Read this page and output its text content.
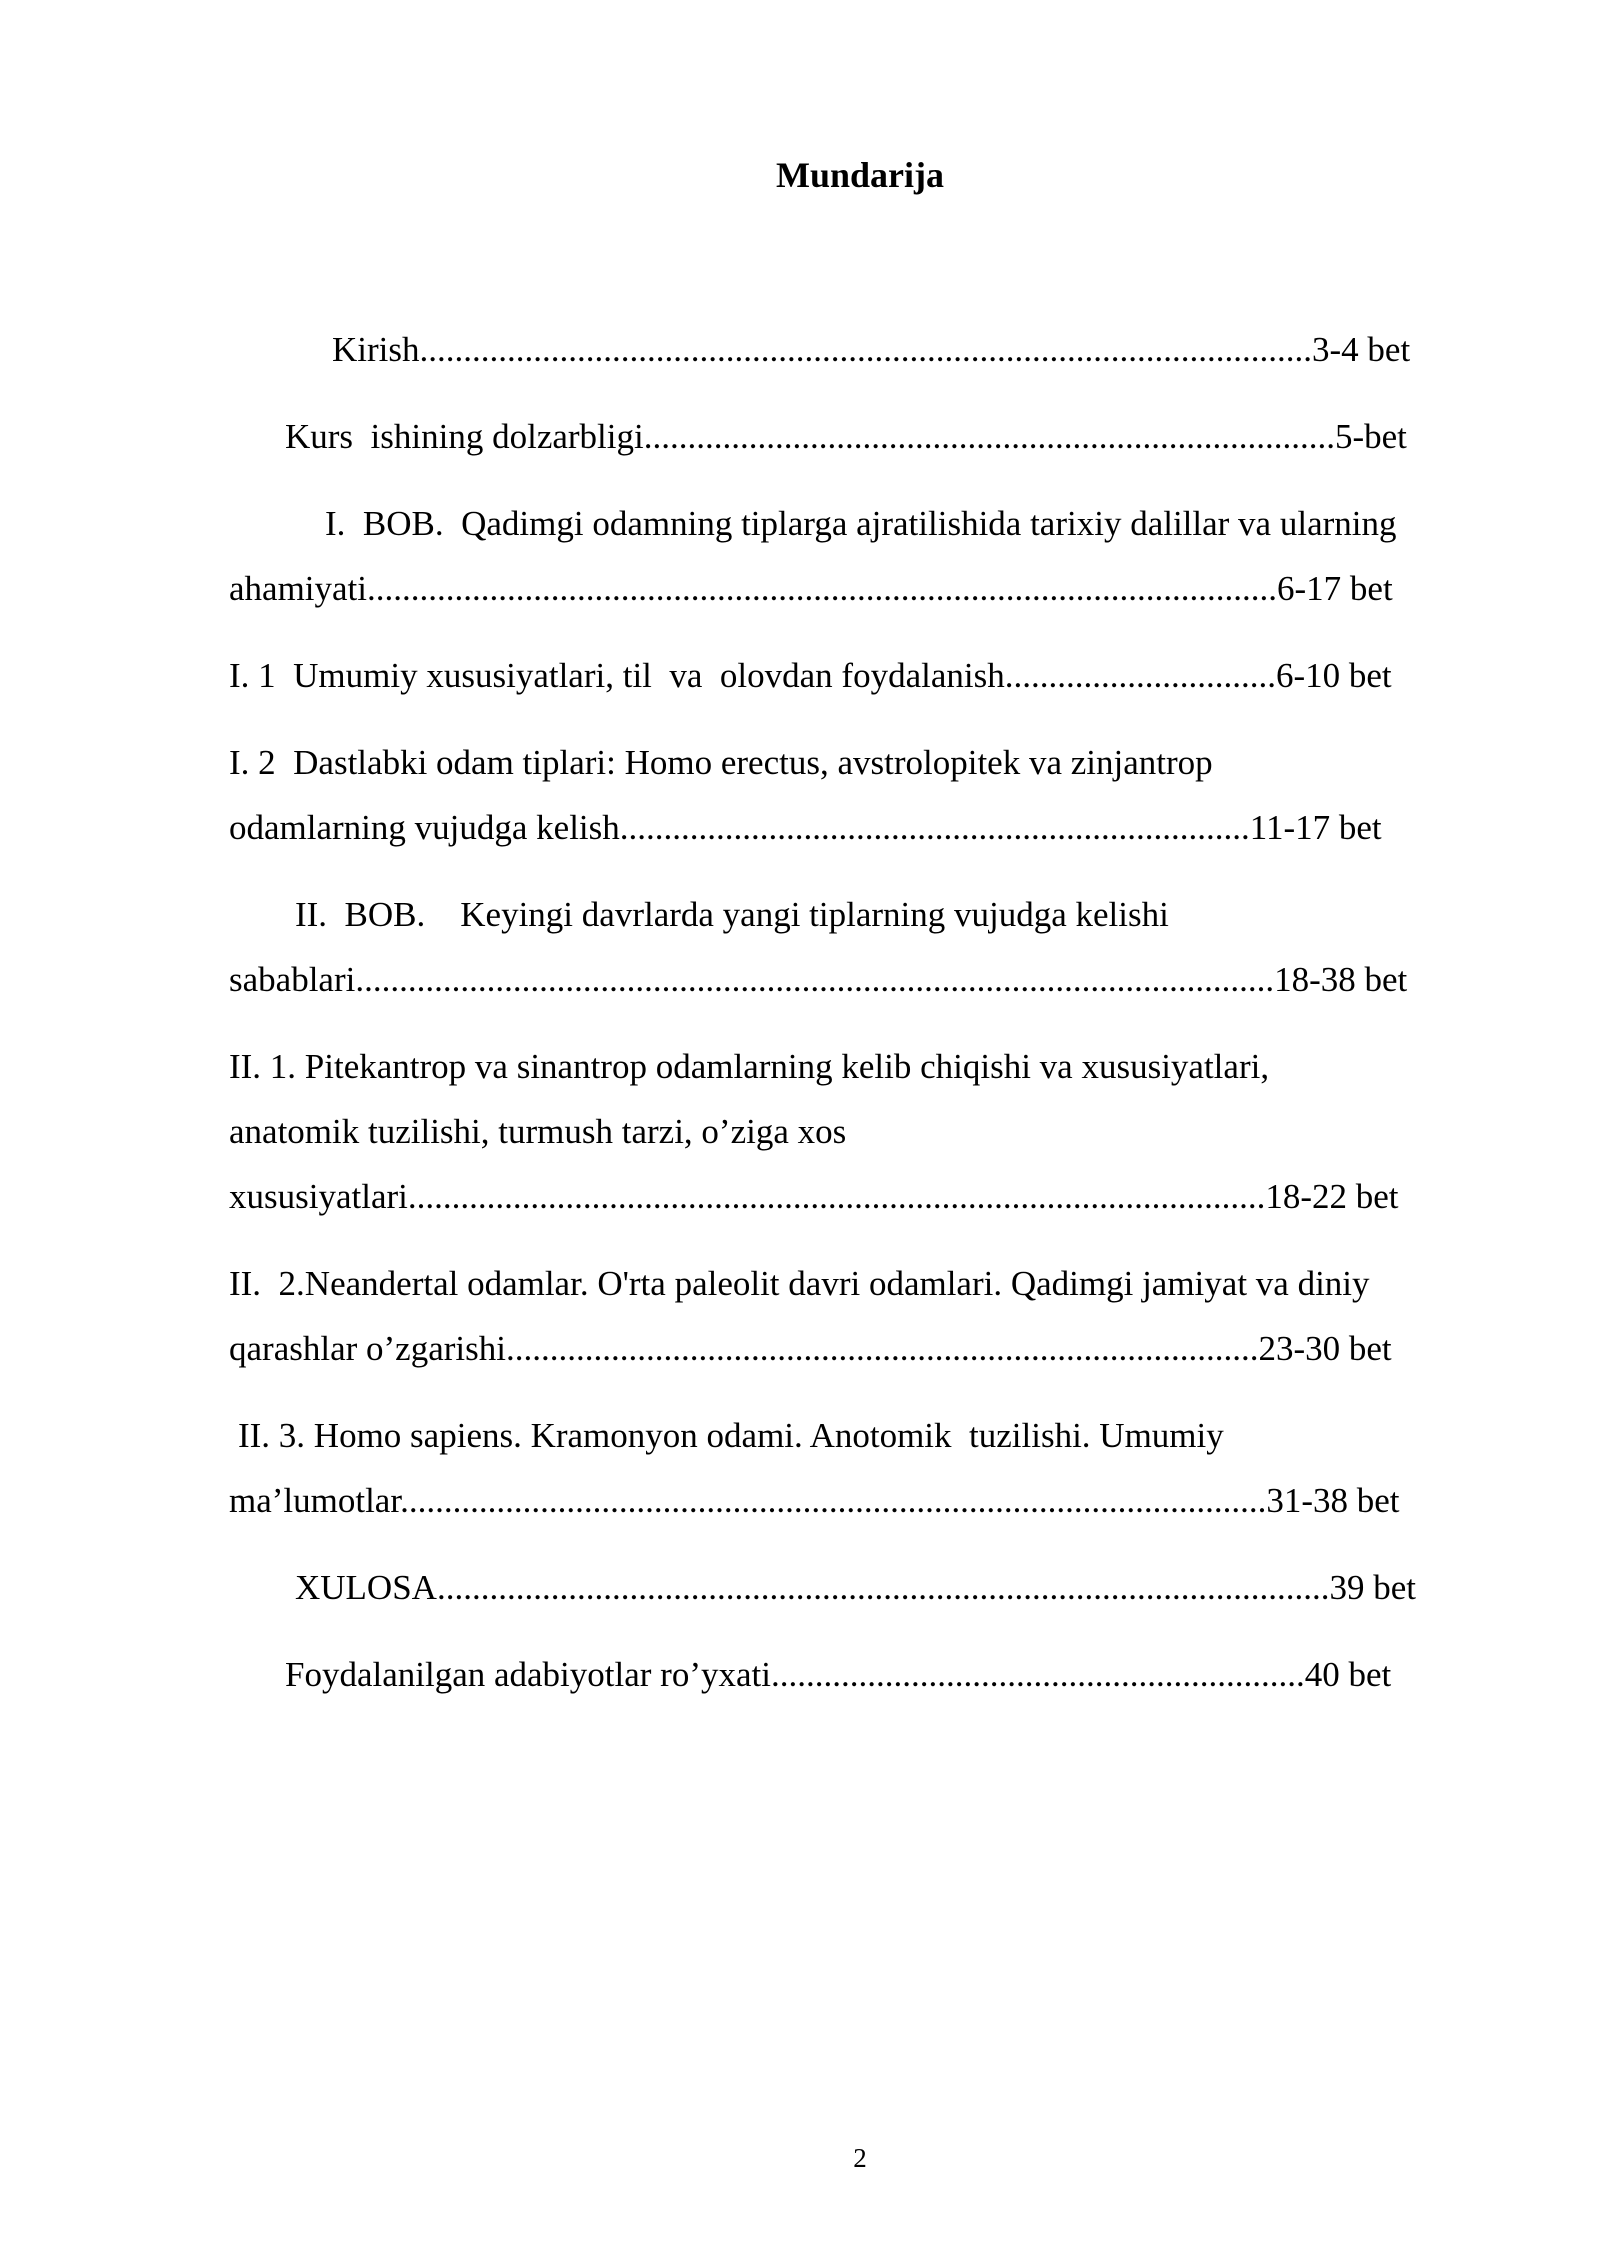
Mundarija
Kirish......................................................................................................3-4 bet
Kurs  ishining dolzarbligi...............................................................................5-bet
I.  BOB.  Qadimgi odamning tiplarga ajratilishida tarixiy dalillar va ularning
ahamiyati........................................................................................................6-17 bet
I. 1  Umumiy xususiyatlari, til  va  olovdan foydalanish...............................6-10 bet
I. 2  Dastlabki odam tiplari: Homo erectus, avstrolopitek va zinjantrop
odamlarning vujudga kelish........................................................................11-17 bet
II.  BOB.    Keyingi davrlarda yangi tiplarning vujudga kelishi
sabablari.........................................................................................................18-38 bet
II. 1. Pitekantrop va sinantrop odamlarning kelib chiqishi va xususiyatlari,
anatomik tuzilishi, turmush tarzi, o’ziga xos
xususiyatlari..................................................................................................18-22 bet
II.  2.Neandertal odamlar. O'rta paleolit davri odamlari. Qadimgi jamiyat va diniy
qarashlar o’zgarishi......................................................................................23-30 bet
II. 3. Homo sapiens. Kramonyon odami. Anotomik  tuzilishi. Umumiy
ma’lumotlar...................................................................................................31-38 bet
XULOSA......................................................................................................39 bet
Foydalanilgan adabiyotlar ro’yxati.............................................................40 bet
2
